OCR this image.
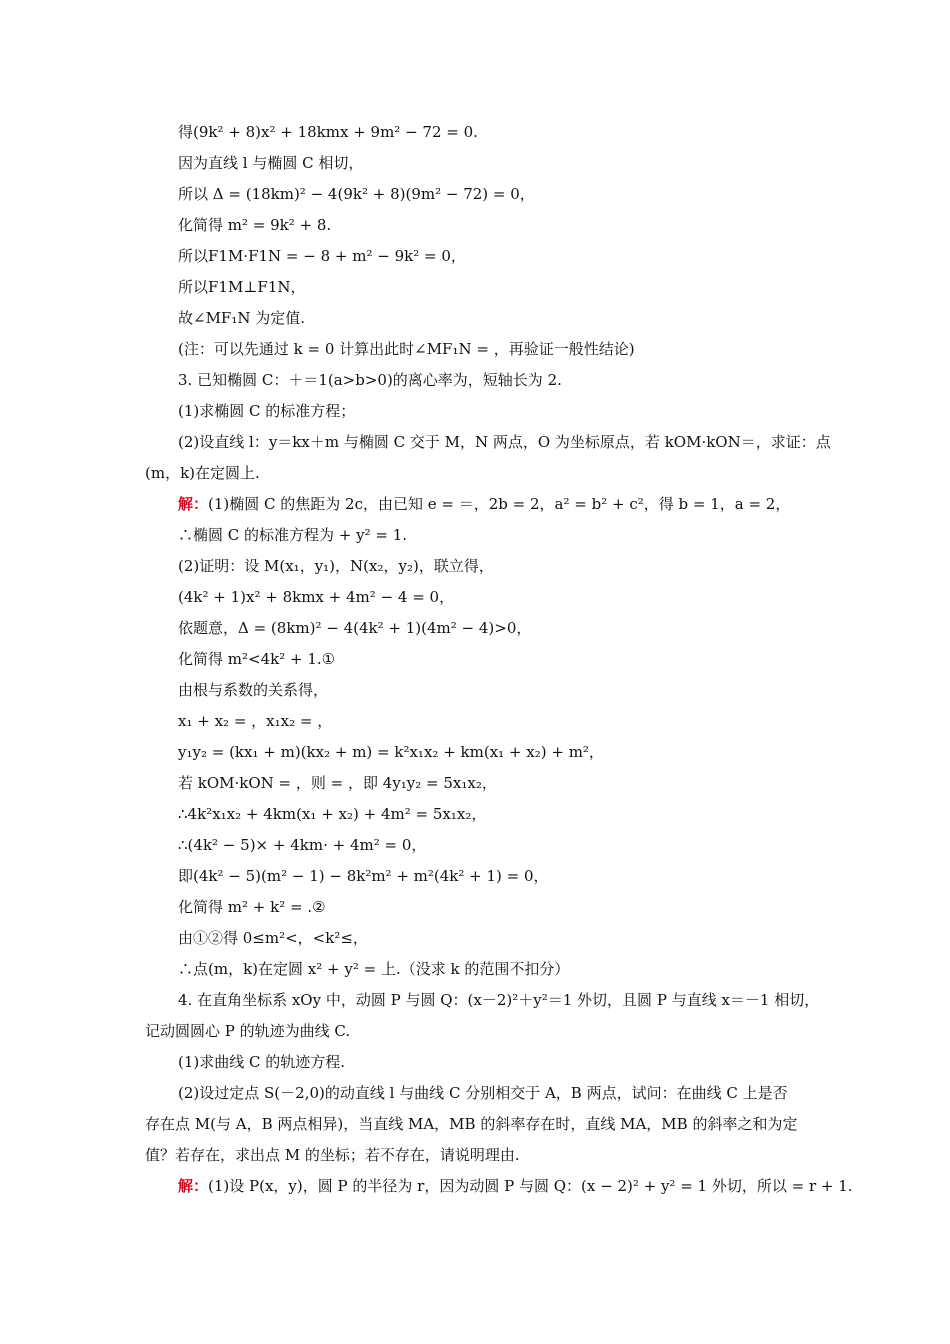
得(9k² + 8)x² + 18kmx + 9m² − 72 = 0.
因为直线 l 与椭圆 C 相切，
所以 Δ = (18km)² − 4(9k² + 8)(9m² − 72) = 0，
化简得 m² = 9k² + 8.
所以F1M·F1N = − 8 + m² − 9k² = 0，
所以F1M⊥F1N，
故∠MF₁N 为定值.
(注：可以先通过 k = 0 计算出此时∠MF₁N = ，再验证一般性结论)
3. 已知椭圆 C：＋＝1(a>b>0)的离心率为，短轴长为 2.
(1)求椭圆 C 的标准方程；
(2)设直线 l：y＝kx＋m 与椭圆 C 交于 M，N 两点，O 为坐标原点，若 kOM·kON＝，求证：点
(m，k)在定圆上.
解：(1)椭圆 C 的焦距为 2c，由已知 e = ＝，2b = 2，a² = b² + c²，得 b = 1，a = 2，
∴椭圆 C 的标准方程为 + y² = 1.
(2)证明：设 M(x₁，y₁)，N(x₂，y₂)，联立得，
(4k² + 1)x² + 8kmx + 4m² − 4 = 0，
依题意，Δ = (8km)² − 4(4k² + 1)(4m² − 4)>0，
化简得 m²<4k² + 1.①
由根与系数的关系得，
x₁ + x₂ = ，x₁x₂ = ，
y₁y₂ = (kx₁ + m)(kx₂ + m) = k²x₁x₂ + km(x₁ + x₂) + m²，
若 kOM·kON = ，则 = ，即 4y₁y₂ = 5x₁x₂，
∴4k²x₁x₂ + 4km(x₁ + x₂) + 4m² = 5x₁x₂，
∴(4k² − 5)× + 4km· + 4m² = 0，
即(4k² − 5)(m² − 1) − 8k²m² + m²(4k² + 1) = 0，
化简得 m² + k² = .②
由①②得 0≤m²<，<k²≤，
∴点(m，k)在定圆 x² + y² = 上.（没求 k 的范围不扣分）
4. 在直角坐标系 xOy 中，动圆 P 与圆 Q：(x－2)²＋y²＝1 外切，且圆 P 与直线 x＝－1 相切，
记动圆圆心 P 的轨迹为曲线 C.
(1)求曲线 C 的轨迹方程.
(2)设过定点 S(－2,0)的动直线 l 与曲线 C 分别相交于 A，B 两点，试问：在曲线 C 上是否
存在点 M(与 A，B 两点相异)，当直线 MA，MB 的斜率存在时，直线 MA，MB 的斜率之和为定
值？若存在，求出点 M 的坐标；若不存在，请说明理由.
解：(1)设 P(x，y)，圆 P 的半径为 r，因为动圆 P 与圆 Q：(x − 2)² + y² = 1 外切，所以 = r + 1.
